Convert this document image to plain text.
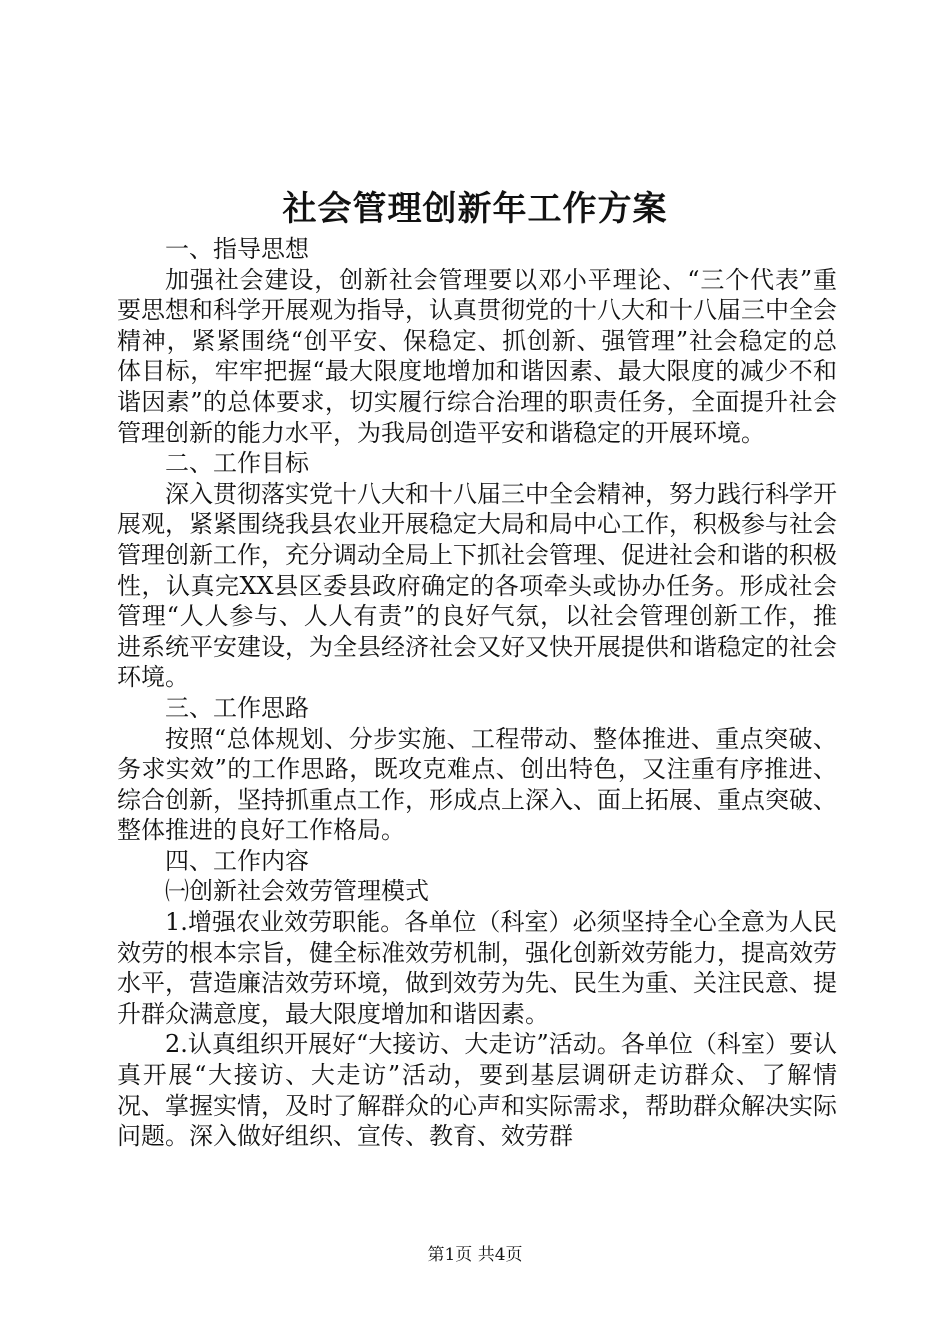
社会管理创新年工作方案

一、指导思想

加强社会建设，创新社会管理要以邓小平理论、“三个代表”重要思想和科学开展观为指导，认真贯彻党的十八大和十八届三中全会精神，紧紧围绕“创平安、保稳定、抓创新、强管理”社会稳定的总体目标，牢牢把握“最大限度地增加和谐因素、最大限度的减少不和谐因素”的总体要求，切实履行综合治理的职责任务，全面提升社会管理创新的能力水平，为我局创造平安和谐稳定的开展环境。

二、工作目标

深入贯彻落实党十八大和十八届三中全会精神，努力践行科学开展观，紧紧围绕我县农业开展稳定大局和局中心工作，积极参与社会管理创新工作，充分调动全局上下抓社会管理、促进社会和谐的积极性，认真完XX县区委县政府确定的各项牵头或协办任务。形成社会管理“人人参与、人人有责”的良好气氛，以社会管理创新工作，推进系统平安建设，为全县经济社会又好又快开展提供和谐稳定的社会环境。

三、工作思路

按照“总体规划、分步实施、工程带动、整体推进、重点突破、务求实效”的工作思路，既攻克难点、创出特色，又注重有序推进、综合创新，坚持抓重点工作，形成点上深入、面上拓展、重点突破、整体推进的良好工作格局。

四、工作内容

㈠创新社会效劳管理模式

1.增强农业效劳职能。各单位（科室）必须坚持全心全意为人民效劳的根本宗旨，健全标准效劳机制，强化创新效劳能力，提高效劳水平，营造廉洁效劳环境，做到效劳为先、民生为重、关注民意、提升群众满意度，最大限度增加和谐因素。

2.认真组织开展好“大接访、大走访”活动。各单位（科室）要认真开展“大接访、大走访”活动，要到基层调研走访群众、了解情况、掌握实情，及时了解群众的心声和实际需求，帮助群众解决实际问题。深入做好组织、宣传、教育、效劳群

第1页 共4页
